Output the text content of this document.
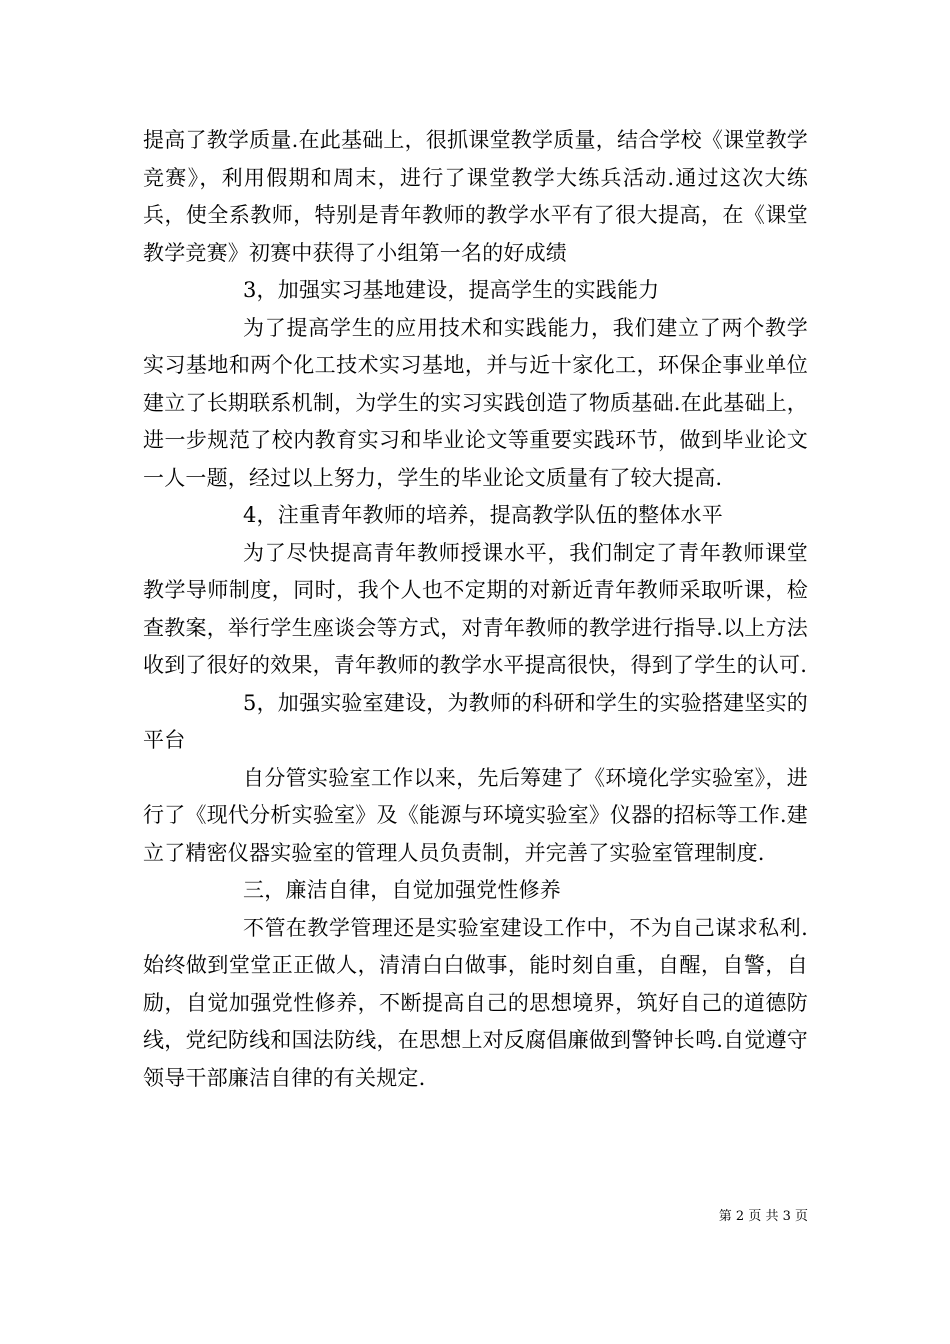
提高了教学质量.在此基础上，很抓课堂教学质量，结合学校《课堂教学竞赛》，利用假期和周末，进行了课堂教学大练兵活动.通过这次大练兵，使全系教师，特别是青年教师的教学水平有了很大提高，在《课堂教学竞赛》初赛中获得了小组第一名的好成绩

3，加强实习基地建设，提高学生的实践能力

为了提高学生的应用技术和实践能力，我们建立了两个教学实习基地和两个化工技术实习基地，并与近十家化工，环保企事业单位建立了长期联系机制，为学生的实习实践创造了物质基础.在此基础上，进一步规范了校内教育实习和毕业论文等重要实践环节，做到毕业论文一人一题，经过以上努力，学生的毕业论文质量有了较大提高.

4，注重青年教师的培养，提高教学队伍的整体水平

为了尽快提高青年教师授课水平，我们制定了青年教师课堂教学导师制度，同时，我个人也不定期的对新近青年教师采取听课，检查教案，举行学生座谈会等方式，对青年教师的教学进行指导.以上方法收到了很好的效果，青年教师的教学水平提高很快，得到了学生的认可.

5，加强实验室建设，为教师的科研和学生的实验搭建坚实的平台

自分管实验室工作以来，先后筹建了《环境化学实验室》，进行了《现代分析实验室》及《能源与环境实验室》仪器的招标等工作.建立了精密仪器实验室的管理人员负责制，并完善了实验室管理制度.

三，廉洁自律，自觉加强党性修养

不管在教学管理还是实验室建设工作中，不为自己谋求私利.始终做到堂堂正正做人，清清白白做事，能时刻自重，自醒，自警，自励，自觉加强党性修养，不断提高自己的思想境界，筑好自己的道德防线，党纪防线和国法防线，在思想上对反腐倡廉做到警钟长鸣.自觉遵守领导干部廉洁自律的有关规定.

第 2 页 共 3 页
